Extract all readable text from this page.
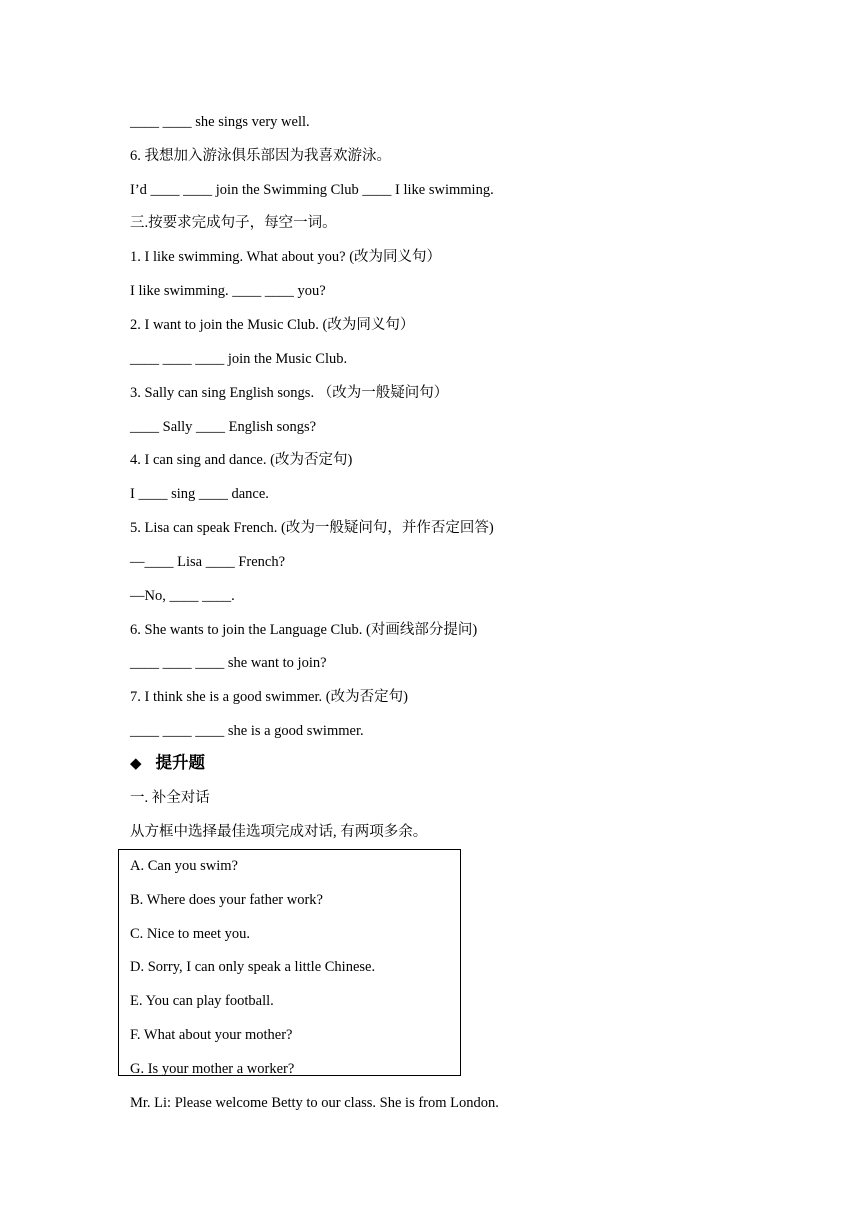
____ ____ she sings very well.
6. 我想加入游泳俱乐部因为我喜欢游泳。
I’d ____ ____ join the Swimming Club ____ I like swimming.
三.按要求完成句子，每空一词。
1. I like swimming. What about you? (改为同义句）
I like swimming. ____ ____ you?
2. I want to join the Music Club. (改为同义句）
____ ____ ____ join the Music Club.
3. Sally can sing English songs. （改为一般疑问句）
____ Sally ____ English songs?
4. I can sing and dance. (改为否定句)
I ____ sing ____ dance.
5. Lisa can speak French. (改为一般疑问句，并作否定回答)
—____ Lisa ____ French?
—No, ____ ____.
6. She wants to join the Language Club. (对画线部分提问)
____ ____ ____ she want to join?
7. I think she is a good swimmer. (改为否定句)
____ ____ ____ she is a good swimmer.
◆ 提升题
一. 补全对话
从方框中选择最佳选项完成对话, 有两项多余。
A. Can you swim?
B. Where does your father work?
C. Nice to meet you.
D. Sorry, I can only speak a little Chinese.
E. You can play football.
F. What about your mother?
G. Is your mother a worker?
Mr. Li: Please welcome Betty to our class. She is from London.
